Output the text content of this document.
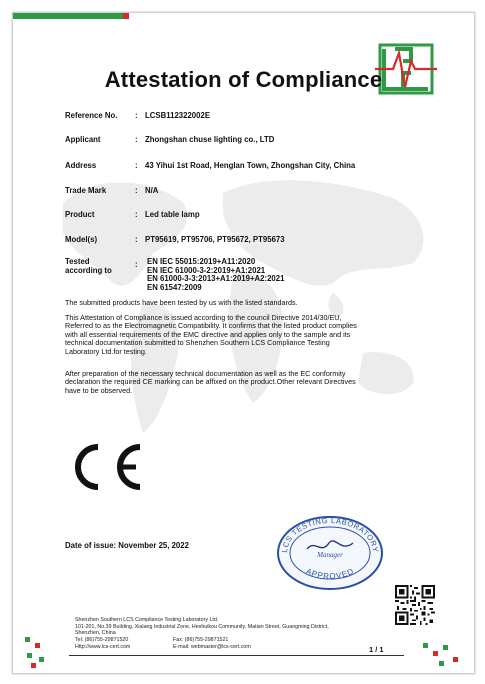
Attestation of Compliance
Reference No.	: LCSB112322002E
Applicant	: Zhongshan chuse lighting co., LTD
Address	: 43 Yihui 1st Road, Henglan Town, Zhongshan City, China
Trade Mark	: N/A
Product	: Led table lamp
Model(s)	: PT95619, PT95706, PT95672, PT95673
Tested
according to
: EN IEC 55015:2019+A11:2020
EN IEC 61000-3-2:2019+A1:2021
EN 61000-3-3:2013+A1:2019+A2:2021
EN 61547:2009
The submitted products have been tested by us with the listed standards.
This Attestation of Compliance is issued according to the council Directive 2014/30/EU,
Referred to as the Electromagnetic Compatibility. It confirms that the listed product complies
with all essential requirements of the EMC directive and applies only to the sample and its
technical documentation submitted to Shenzhen Southern LCS Compliance Testing
Laboratory Ltd.for testing.
After preparation of the necessary technical documentation as well as the EC conformity
declaration the required CE marking can be affixed on the product.Other relevant Directives
have to be observed.
LCS TESTING LABORATORY
Manager
APPROVED
Date of issue: November 25, 2022
Shenzhen Southern LCS Compliance Testing Laboratory Ltd.
101-201, No.39 Building, Xialang Industrial Zone, Heshuikou Community, Matian Street, Guangming District,
Shenzhen, China
Tel: (86)755-29871520	Fax: (86)755-29871521
Http://www.lcs-cert.com	E-mail: webmaster@lcs-cert.com	1 / 1
